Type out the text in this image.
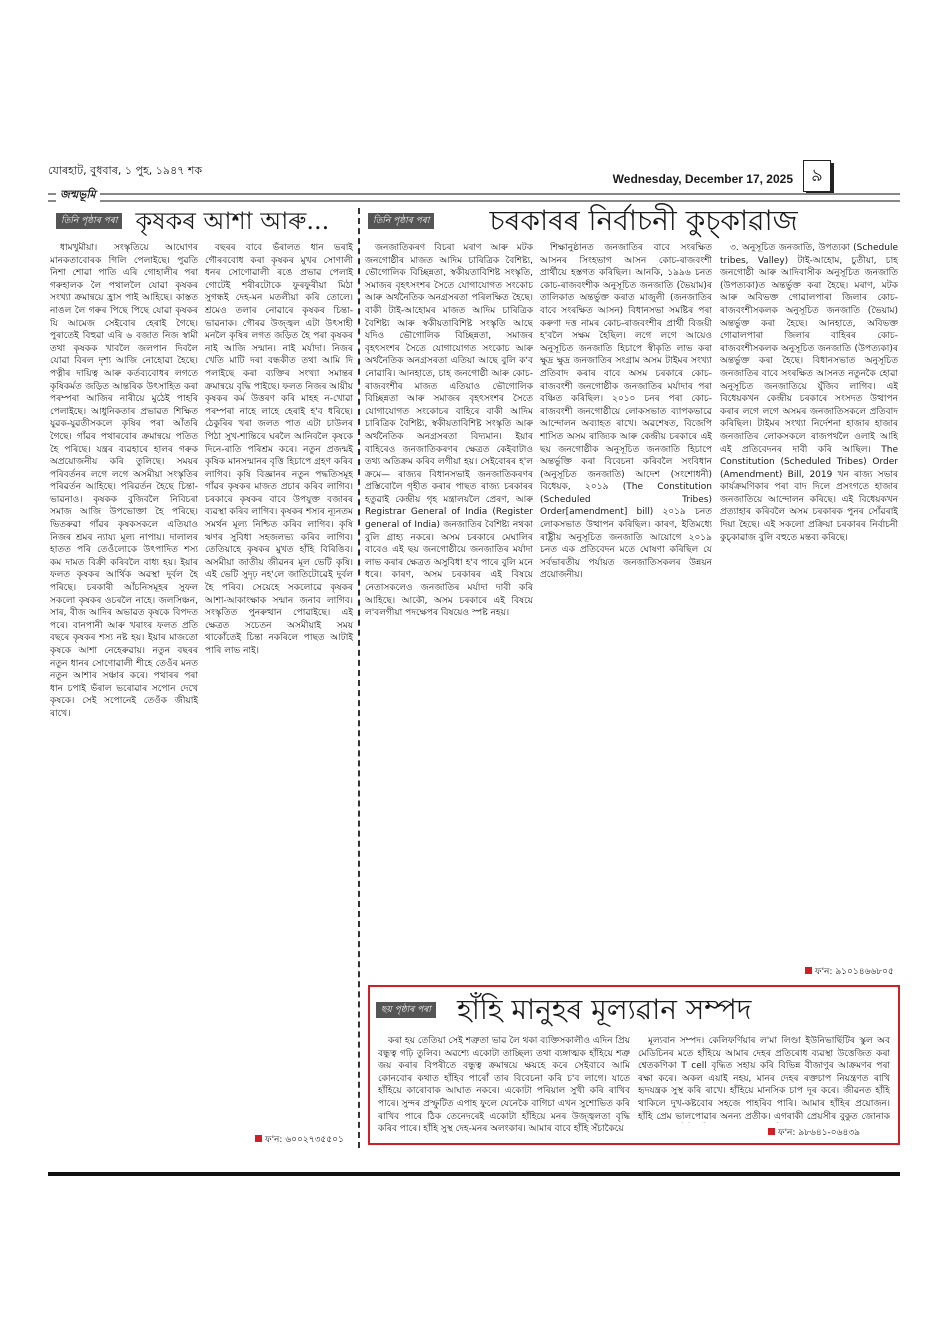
যোৰহাট, বুধবাৰ, ১ পুহ, ১৯৪৭ শক
Wednesday, December 17, 2025	৯
জন্মভূমি
তিনি পৃষ্ঠাৰ পৰা কৃষকৰ আশা আৰু...

ধামখুমীয়া। সংস্কৃতিয়ে আঘোণৰ মানকতাবোৰক গিলি পেলাইছে। পুৱতি নিশা শোৱা পাতি এৰি গোহালীৰ পৰা গৰুহালক লৈ পথাললৈ যোৱা কৃষকৰ সংখ্যা ক্ৰমান্বয়ে হ্ৰাস পাই আহিছে। কাস্তত নাঙল লৈ গৰুৰ পিছে পিছে যোৱা কৃষকৰ যি আমেজ সেইবোৰ হেৰাই গৈছে। পুৰাতেই বিহুৱা এৰি ৬ বজাত নিজ স্বামী তথা কৃষকক খাবলৈ জলপান দিবলৈ যোৱা বিৰল দৃশ্য আজি নোহোৱা হৈছে। পত্নীৰ দায়িত্ব আৰু কৰ্তব্যবোধৰ লগতে কৃষিকৰ্মত জড়িত আন্তৰিক উৎসাহিত কৰা পৰম্পৰা আজিৰ নাৰীয়ে মুঠেই পাহৰি পেলাইছে। আধুনিকতাৰ প্ৰভাৱত শিক্ষিত যুৱক-যুৱতীসকলে কৃষিৰ পৰা আঁতৰি গৈছে। গাঁৱৰ পথাৰবোৰ ক্ৰমান্বয়ে পতিত হৈ পৰিছে। যন্ত্ৰৰ ব্যৱহাৰে হালৰ গৰুক অপ্ৰয়োজনীয় কৰি তুলিছে। সময়ৰ পৰিবৰ্তনৰ লগে লগে অসমীয়া সংস্কৃতিৰ পৰিৱৰ্তন আহিছে। পৰিৱৰ্তন হৈছে চিন্তা-ভাৱনাও। কৃষকক বুজিবলৈ নিবিচৰা সমাজ আজি উপভোক্তা হৈ পৰিছে। ভিতৰুৱা গাঁৱৰ কৃষকসকলে এতিয়াও নিজৰ শ্ৰমৰ ন্যায্য মূল্য নাপায়। দালালৰ হাতত পৰি তেওঁলোকে উৎপাদিত শস্য কম দামত বিক্ৰী কৰিবলৈ বাধ্য হয়। ইয়াৰ ফলত কৃষকৰ আৰ্থিক অৱস্থা দুৰ্বল হৈ পৰিছে। চৰকাৰী আঁচনিসমূহৰ সুফল সকলো কৃষকৰ ওচৰলৈ নাহে। জলসিঞ্চন, সাৰ, বীজ আদিৰ অভাৱত কৃষকে বিপদত পৰে। বানপানী আৰু খৰাংৰ ফলত প্ৰতি বছৰে কৃষকৰ শস্য নষ্ট হয়। ইয়াৰ মাজতো কৃষকে আশা নেহেৰুৱায়। নতুন বছৰৰ নতুন ধানৰ সোণোৱালী শীহে তেওঁৰ মনত নতুন আশাৰ সঞ্চাৰ কৰে। পথাৰৰ পৰা ধান চপাই ভঁৰাল ভৰোৱাৰ সপোন দেখে কৃষকে। সেই সপোনেই তেওঁক জীয়াই ৰাখে।

বছৰৰ বাবে ভঁৰালত ধান ভৰাই গৌৰববোধ কৰা কৃষকৰ মুখৰ সোণালী ধনৰ সোণোৱালী ৰঙে প্ৰভাৱ পেলাই গোটেই শৰীৰটোকে ফুৰফুৰীয়া মিঠা সুগন্ধই দেহ-মন মতলীয়া কৰি তোলে। শ্ৰমেও তলাৰ নোৱাৰে কৃষকৰ চিন্তা-ভাৱনাক। গৌৰৱ উজ্জ্বল এটা উৎসাহী মনলৈ কৃষিৰ লগত জড়িত হৈ পৰা কৃষকৰ নাই আজি সন্মান। নাই মৰ্যাদা। নিজৰ খেতি মাটি দৰা বন্ধকীত তথা আমি দি পলাইছে কৰা ব্যক্তিৰ সংখ্যা সমান্তৰ ক্ৰমান্বয়ে বৃদ্ধি পাইছে। ফলত নিজৰ আয়ীয় কৃষকৰ কৰ্ম উত্তৰণ কৰি মাহহ ন-খোৱা পৰম্পৰা নাহে লাহে হেৰাই হ'ব ধৰিছে। ঠেকুৰিৰ খৰা জলত পাত এটা চাউলৰ পিঠা সুখ-শান্তিৰে ঘৰলৈ আনিবলৈ কৃষকে দিনে-ৰাতি পৰিশ্ৰম কৰে। নতুন প্ৰজন্মই কৃষিক মানসন্মানৰ বৃত্তি হিচাপে গ্ৰহণ কৰিব লাগিব। কৃষি বিজ্ঞানৰ নতুন পদ্ধতিসমূহ গাঁৱৰ কৃষকৰ মাজত প্ৰচাৰ কৰিব লাগিব। চৰকাৰে কৃষকৰ বাবে উপযুক্ত বজাৰৰ ব্যৱস্থা কৰিব লাগিব। কৃষকৰ শস্যৰ ন্যূনতম সমৰ্থন মূল্য নিশ্চিত কৰিব লাগিব। কৃষি ঋণৰ সুবিধা সহজলভ্য কৰিব লাগিব। তেতিয়াহে কৃষকৰ মুখত হাঁহি বিৰিঙিব। অসমীয়া জাতীয় জীৱনৰ মূল ভেটি কৃষি। এই ভেটি সুদৃঢ় নহ'লে জাতিটোৱেই দুৰ্বল হৈ পৰিব। সেয়েহে সকলোৱে কৃষকৰ আশা-আকাংক্ষাক সন্মান জনাব লাগিব। সংস্কৃতিত পুনৰুত্থান পোৱাইছে। এই ক্ষেত্ৰত সচেতন অসমীয়াই সময় থাকোঁতেই চিন্তা নকৰিলে পাছত আটাই পাৰি লাভ নাই।

ফ'ন: ৬০০২৭৩৫৫০১
তিনি পৃষ্ঠাৰ পৰা চৰকাৰৰ নিৰ্বাচনী কুচ্‌কাৱাজ

জনজাতিকৰণ বিচৰা মৰাণ আৰু মটক জনগোষ্ঠীৰ মাজত আদিম চাৰিত্ৰিক বৈশিষ্ট্য, ভৌগোলিক বিচ্ছিন্নতা, স্বকীয়তাবিশিষ্ট সংস্কৃতি, সমাজৰ বৃহৎসংশৰ সৈতে যোগাযোগত সংকোচ আৰু অৰ্থনৈতিক অনগ্ৰসৰতা পৰিলক্ষিত হৈছে। বাকী টাই-আহোমৰ মাজত আদিম চাৰিত্ৰিক বৈশিষ্ট্য আৰু স্বকীয়তাবিশিষ্ট সংস্কৃতি আছে যদিও ভৌগোলিক বিচ্ছিন্নতা, সমাজৰ বৃহৎসংশৰ সৈতে যোগাযোগত সংকোচ আৰু অৰ্থনৈতিক অনগ্ৰসৰতা এতিয়া আছে বুলি ক'ব নোৱাৰি। আনহাতে, চাহ জনগোষ্ঠী আৰু কোচ-ৰাজবংশীৰ মাজত এতিয়াও ভৌগোলিক বিচ্ছিন্নতা আৰু সমাজৰ বৃহৎসংশৰ সৈতে যোগাযোগত সংকোচৰ বাহিৰে বাকী আদিম চাৰিত্ৰিক বৈশিষ্ট্য, স্বকীয়তাবিশিষ্ট সংস্কৃতি আৰু অৰ্থনৈতিক অনগ্ৰসৰতা বিদ্যমান। ইয়াৰ বাহিৰেও জনজাতিকৰণৰ ক্ষেত্ৰত কেইবাটাও তথ্য অতিক্ৰম কৰিব লগীয়া হয়। সেইবোৰৰ হ'ল ক্ৰমে— ৰাজ্যৰ বিধানসভাই জনজাতিকৰণৰ প্ৰস্তিবোলৈ গৃহীত কৰাৰ পাছত ৰাজ্য চৰকাৰৰ হতুৱাই কেন্দ্ৰীয় গৃহ মন্ত্ৰালয়লৈ প্ৰেৰণ, আৰু Registrar General of India (Register general of India) জনজাতিৰ বৈশিষ্ট্য নথকা বুলি গ্ৰাহ্য নকৰে। অসম চৰকাৰে মেঘালিৰ বাবেও এই ছয় জনগোষ্ঠীয়ে জনজাতিৰ মৰ্যাদা লাভ কৰাৰ ক্ষেত্ৰত অসুবিধা হ'ব পাৰে বুলি মনে ধৰে। কাৰণ, অসম চৰকাৰৰ এই বিষয়ে নেতাসকলেও জনজাতিৰ মৰ্যাদা দাবী কৰি আহিছে। আকৌ, অসম চৰকাৰে এই বিষয়ে ল'বলগীয়া পদক্ষেপৰ বিষয়েও স্পষ্ট নহয়।

শিক্ষানুষ্ঠানত জনজাতিৰ বাবে সংৰক্ষিত আসনৰ সিংহভাগ আসন কোচ-ৰাজবংশী প্ৰাৰ্থীয়ে হস্তগত কৰিছিল। আনকি, ১৯৯৬ চনত কোচ-ৰাজবংশীক অনুসূচিত জনজাতি (ভৈয়াম)ৰ তালিকাত অন্তৰ্ভুক্ত কৰাত মাজুলী (জনজাতিৰ বাবে সংৰক্ষিত আসন) বিধানসভা সমষ্টিৰ পৰা কৰুণা দত্ত নামৰ কোচ-ৰাজবংশীৰ প্ৰাৰ্থী বিজয়ী হ'বলৈ সক্ষম হৈছিল। লগে লগে আয়েও অনুসূচিত জনজাতি হিচাপে স্বীকৃতি লাভ কৰা ক্ষুদ্ৰ ক্ষুদ্ৰ জনজাতিৰ সংগ্ৰাম অসম টাইমৰ সংখ্যা প্ৰতিবাদ কৰাৰ বাবে অসম চৰকাৰে কোচ-ৰাজবংশী জনগোষ্ঠীক জনজাতিৰ মৰ্যাদাৰ পৰা বঞ্চিত কৰিছিল। ২০১০ চনৰ পৰা কোচ-ৰাজবংশী জনগোষ্ঠীয়ে লোকসভাত ব্যাপকভাৱে আন্দোলন অব্যাহত ৰাখে। অৱশেষত, বিজেপি শাসিত অসম ৰাজ্যিক আৰু কেন্দ্ৰীয় চৰকাৰে এই ছয় জনগোষ্ঠীক অনুসূচিত জনজাতি হিচাপে অন্তৰ্ভুক্তি কৰা বিবেচনা কৰিবলৈ সংবিধান (অনুসূচিত জনজাতি) আদেশ (সংশোধনী) বিধেয়ক, ২০১৯ (The Constitution (Scheduled Tribes) Order[amendment] bill) ২০১৯ চনত লোকসভাত উত্থাপন কৰিছিল। কাৰণ, ইতিমধ্যে ৰাষ্ট্ৰীয় অনুসূচিত জনজাতি আয়োগে ২০১৯ চনত এক প্ৰতিবেদন মতে ঘোষণা কৰিছিল যে সৰ্বভাৰতীয় পৰ্যায়ত জনজাতিসকলৰ উন্নয়ন প্ৰয়োজনীয়।

৩. অনুসূচিত জনজাতি, উপত্যকা (Schedule tribes, Valley) টাই-আহোম, চুতীয়া, চাহ জনগোষ্ঠী আৰু আদিবাসীক অনুসূচিত জনজাতি (উপত্যকা)ত অন্তৰ্ভুক্ত কৰা হৈছে। মৰাণ, মটক আৰু অবিভক্ত গোৱালপাৰা জিলাৰ কোচ-ৰাজবংশীসকলক অনুসূচিত জনজাতি (ভৈয়াম) অন্তৰ্ভুক্ত কৰা হৈছে। আনহাতে, অবিভক্ত গোৱালপাৰা জিলাৰ বাহিৰৰ কোচ-ৰাজবংশীসকলক অনুসূচিত জনজাতি (উপত্যকা)ৰ অন্তৰ্ভুক্ত কৰা হৈছে। বিধানসভাত অনুসূচিত জনজাতিৰ বাবে সংৰক্ষিত আসনত নতুনকৈ হোৱা অনুসূচিত জনজাতিয়ে যুঁজিব লাগিব। এই বিধেয়কখন কেন্দ্ৰীয় চৰকাৰে সংসদত উত্থাপন কৰাৰ লগে লগে অসমৰ জনজাতিসকলে প্ৰতিবাদ কৰিছিল। টাইমৰ সংখ্যা নিৰ্দেশনা হাজাৰ হাজাৰ জনজাতিৰ লোকসকলে ৰাজপথলৈ ওলাই আহি এই প্ৰতিবেদনৰ দাবী কৰি আছিল। The Constitution (Scheduled Tribes) Order (Amendment) Bill, 2019 খন ৰাজ্য সভাৰ কাৰ্যক্ৰমণিকাৰ পৰা বাদ দিলে প্ৰসংগতে হাজাৰ জনজাতিয়ে আন্দোলন কৰিছে। এই বিধেয়কখন প্ৰত্যাহাৰ কৰিবলৈ অসম চৰকাৰক পুনৰ সোঁৱৰাই দিয়া হৈছে। এই সকলো প্ৰক্ৰিয়া চৰকাৰৰ নিৰ্বাচনী কুচ্‌কাৱাজ বুলি বহুতে মন্তব্য কৰিছে।

ফ'ন: ৯১০১৪৬৬৮০৫
ছয় পৃষ্ঠাৰ পৰা হাঁহি মানুহৰ মূল্যৱান সম্পদ

কৰা হয় তেতিয়া সেই শত্ৰুতা ভাৱ লৈ থকা ব্যক্তিসকালীও এদিন প্ৰিয় বন্ধুত্ব গঢ়ি তুলিব। অৱশ্যে একোটা তাচ্ছিল্য তথা ব্যঙ্গাত্মক হাঁহিয়ে শত্ৰু জয় কৰাৰ বিপৰীতে বন্ধুত্ব ক্ৰমান্বয়ে ক্ষয়হে কৰে সেইবাবে আমি কোনবোৰ কথাত হাঁহিব পাৰোঁ তাৰ বিবেচনা কৰি চ'ব লাগে। যাতে হাঁহিয়ে কাৰোবাক আঘাত নকৰে। একোটা পৰিয়াল সুখী কৰি ৰাখিব পাৰে। সুন্দৰ প্ৰস্ফুটিত এপাহ ফুলে যেনেকৈ বাগিচা এখন সুশোভিত কৰি ৰাখিব পাৰে ঠিক তেনেদৰেই একোটা হাঁহিয়ে মনৰ উজ্জ্বলতা বৃদ্ধি কৰিব পাৰে। হাঁহি সুস্থ দেহ-মনৰ অলংকাৰ। আমাৰ বাবে হাঁহি সঁচাকৈয়ে

মূল্যবান সম্পদ। কেলিফৰ্ণিয়াৰ ল'মা লিণ্ডা ইউনিভাৰ্ছিটিৰ স্কুল অব মেডিচিনৰ মতে হাঁহিয়ে আমাৰ দেহৰ প্ৰতিৰোধ ব্যৱস্থা উত্তেজিত কৰা শ্বেতকণিকা T cell বৃদ্ধিত সহায় কৰি বিভিন্ন বীজাণুৰ আক্ৰমণৰ পৰা ৰক্ষা কৰে। অকল এয়াই নহয়, মানৰ দেহৰ ৰক্তচাপ নিয়ন্ত্ৰণত ৰাখি হৃদযন্ত্ৰক সুস্থ কৰি ৰাখে। হাঁহিয়ে মানসিক চাপ দূৰ কৰে। জীৱনত হাঁহি থাকিলে দুখ-কষ্টবোৰ সহজে পাহৰিব পাৰি। আমাৰ হাঁহিৰ প্ৰয়োজন। হাঁহি প্ৰেম ভালপোৱাৰ অনন্য প্ৰতীক। এগৰাকী প্ৰেয়সীৰ বুকুত জোনাক

ফ'ন: ৯৮৬৪১-০৬৪৩৯
